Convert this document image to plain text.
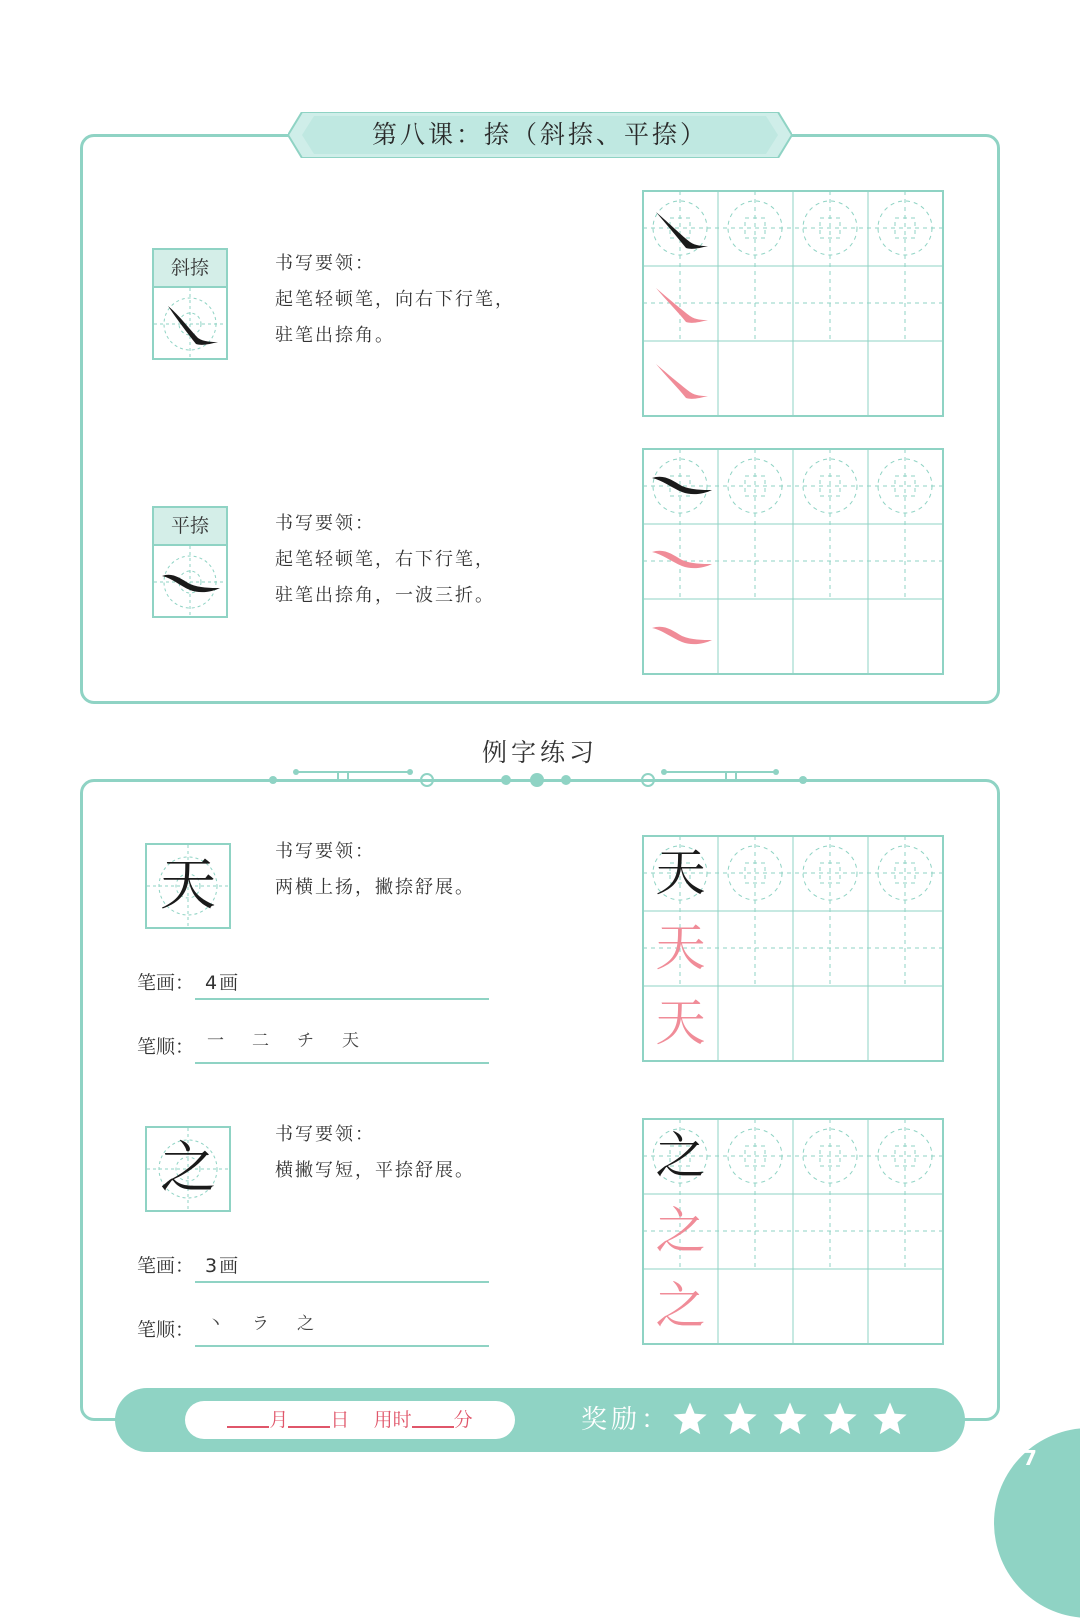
第八课：捺（斜捺、平捺）
斜捺	书写要领：
起笔轻顿笔，向右下行笔，
驻笔出捺角。
平捺	书写要领：
起笔轻顿笔，右下行笔，
驻笔出捺角，一波三折。
例字练习
天
书写要领：
两横上扬，撇捺舒展。
笔画： 4画
笔顺： 一 二 チ 天
天
天
天
之
书写要领：
横撇写短，平捺舒展。
笔画： 3画
笔顺： 丶 ラ 之
之
之
之
月 日 用时 分	奖励：
7
